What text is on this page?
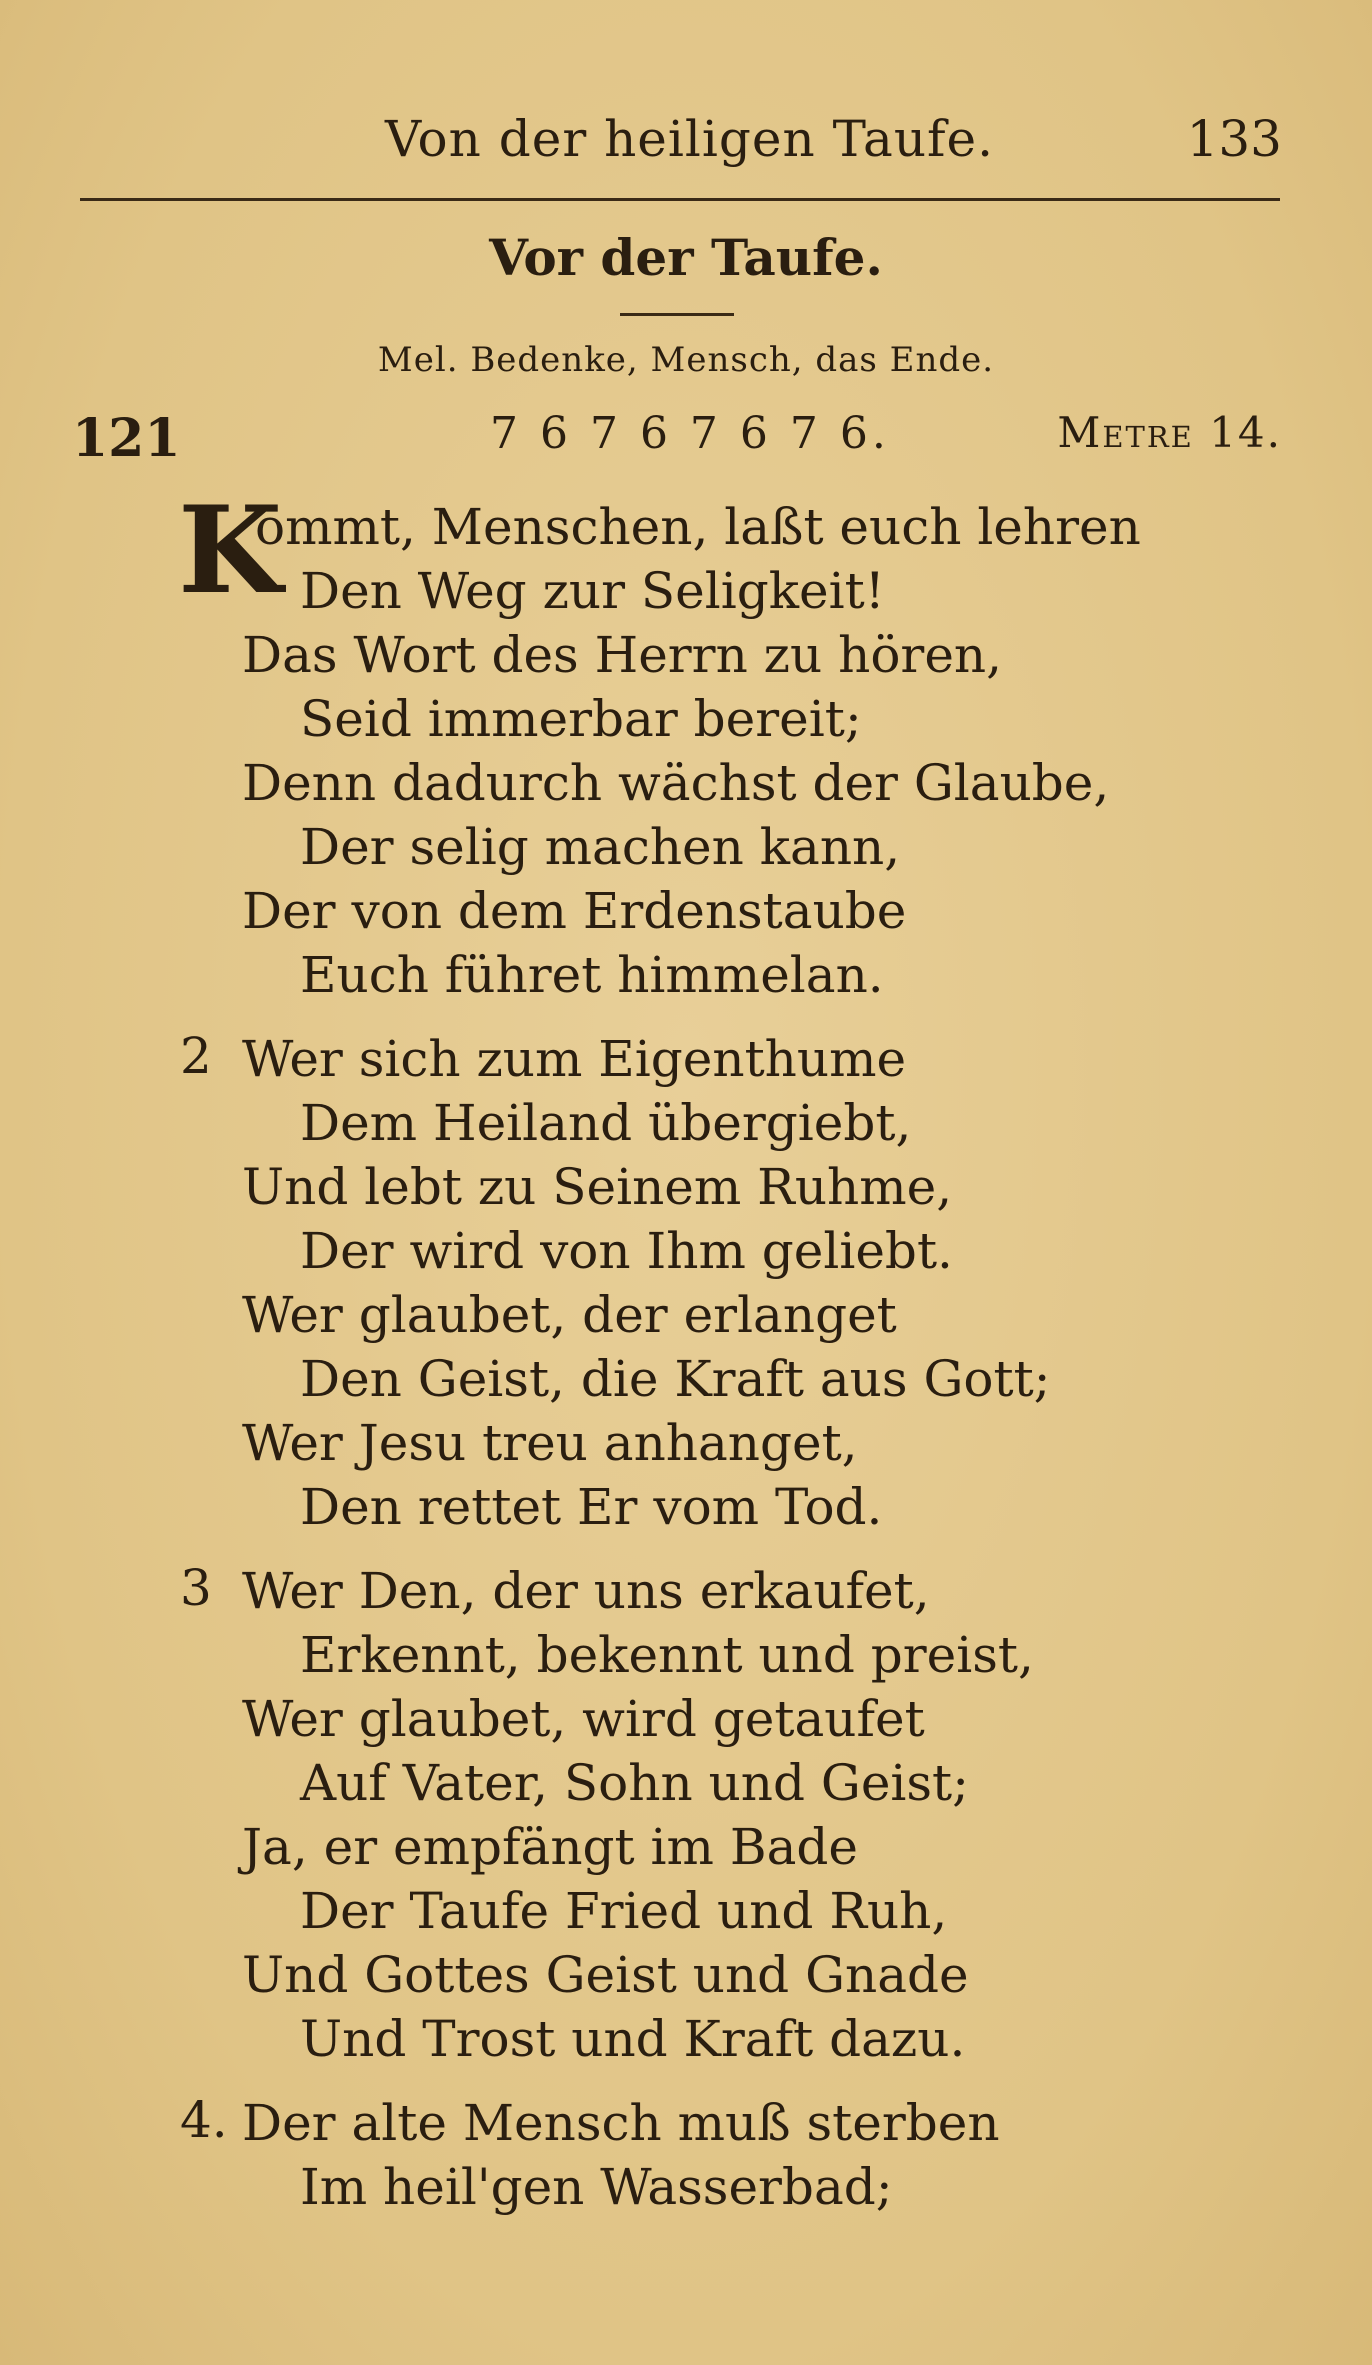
Von der heiligen Taufe.	133
Vor der Taufe.
Mel. Bedenke, Mensch, das Ende.
121	7 6 7 6 7 6 7 6.	Metre 14.
K
ommt, Menschen, laßt euch lehren
Den Weg zur Seligkeit!
Das Wort des Herrn zu hören,
Seid immerbar bereit;
Denn dadurch wächst der Glaube,
Der selig machen kann,
Der von dem Erdenstaube
Euch führet himmelan.
2 Wer sich zum Eigenthume
Dem Heiland übergiebt,
Und lebt zu Seinem Ruhme,
Der wird von Ihm geliebt.
Wer glaubet, der erlanget
Den Geist, die Kraft aus Gott;
Wer Jesu treu anhanget,
Den rettet Er vom Tod.
3 Wer Den, der uns erkaufet,
Erkennt, bekennt und preist,
Wer glaubet, wird getaufet
Auf Vater, Sohn und Geist;
Ja, er empfängt im Bade
Der Taufe Fried und Ruh,
Und Gottes Geist und Gnade
Und Trost und Kraft dazu.
4. Der alte Mensch muß sterben
Im heil'gen Wasserbad;
